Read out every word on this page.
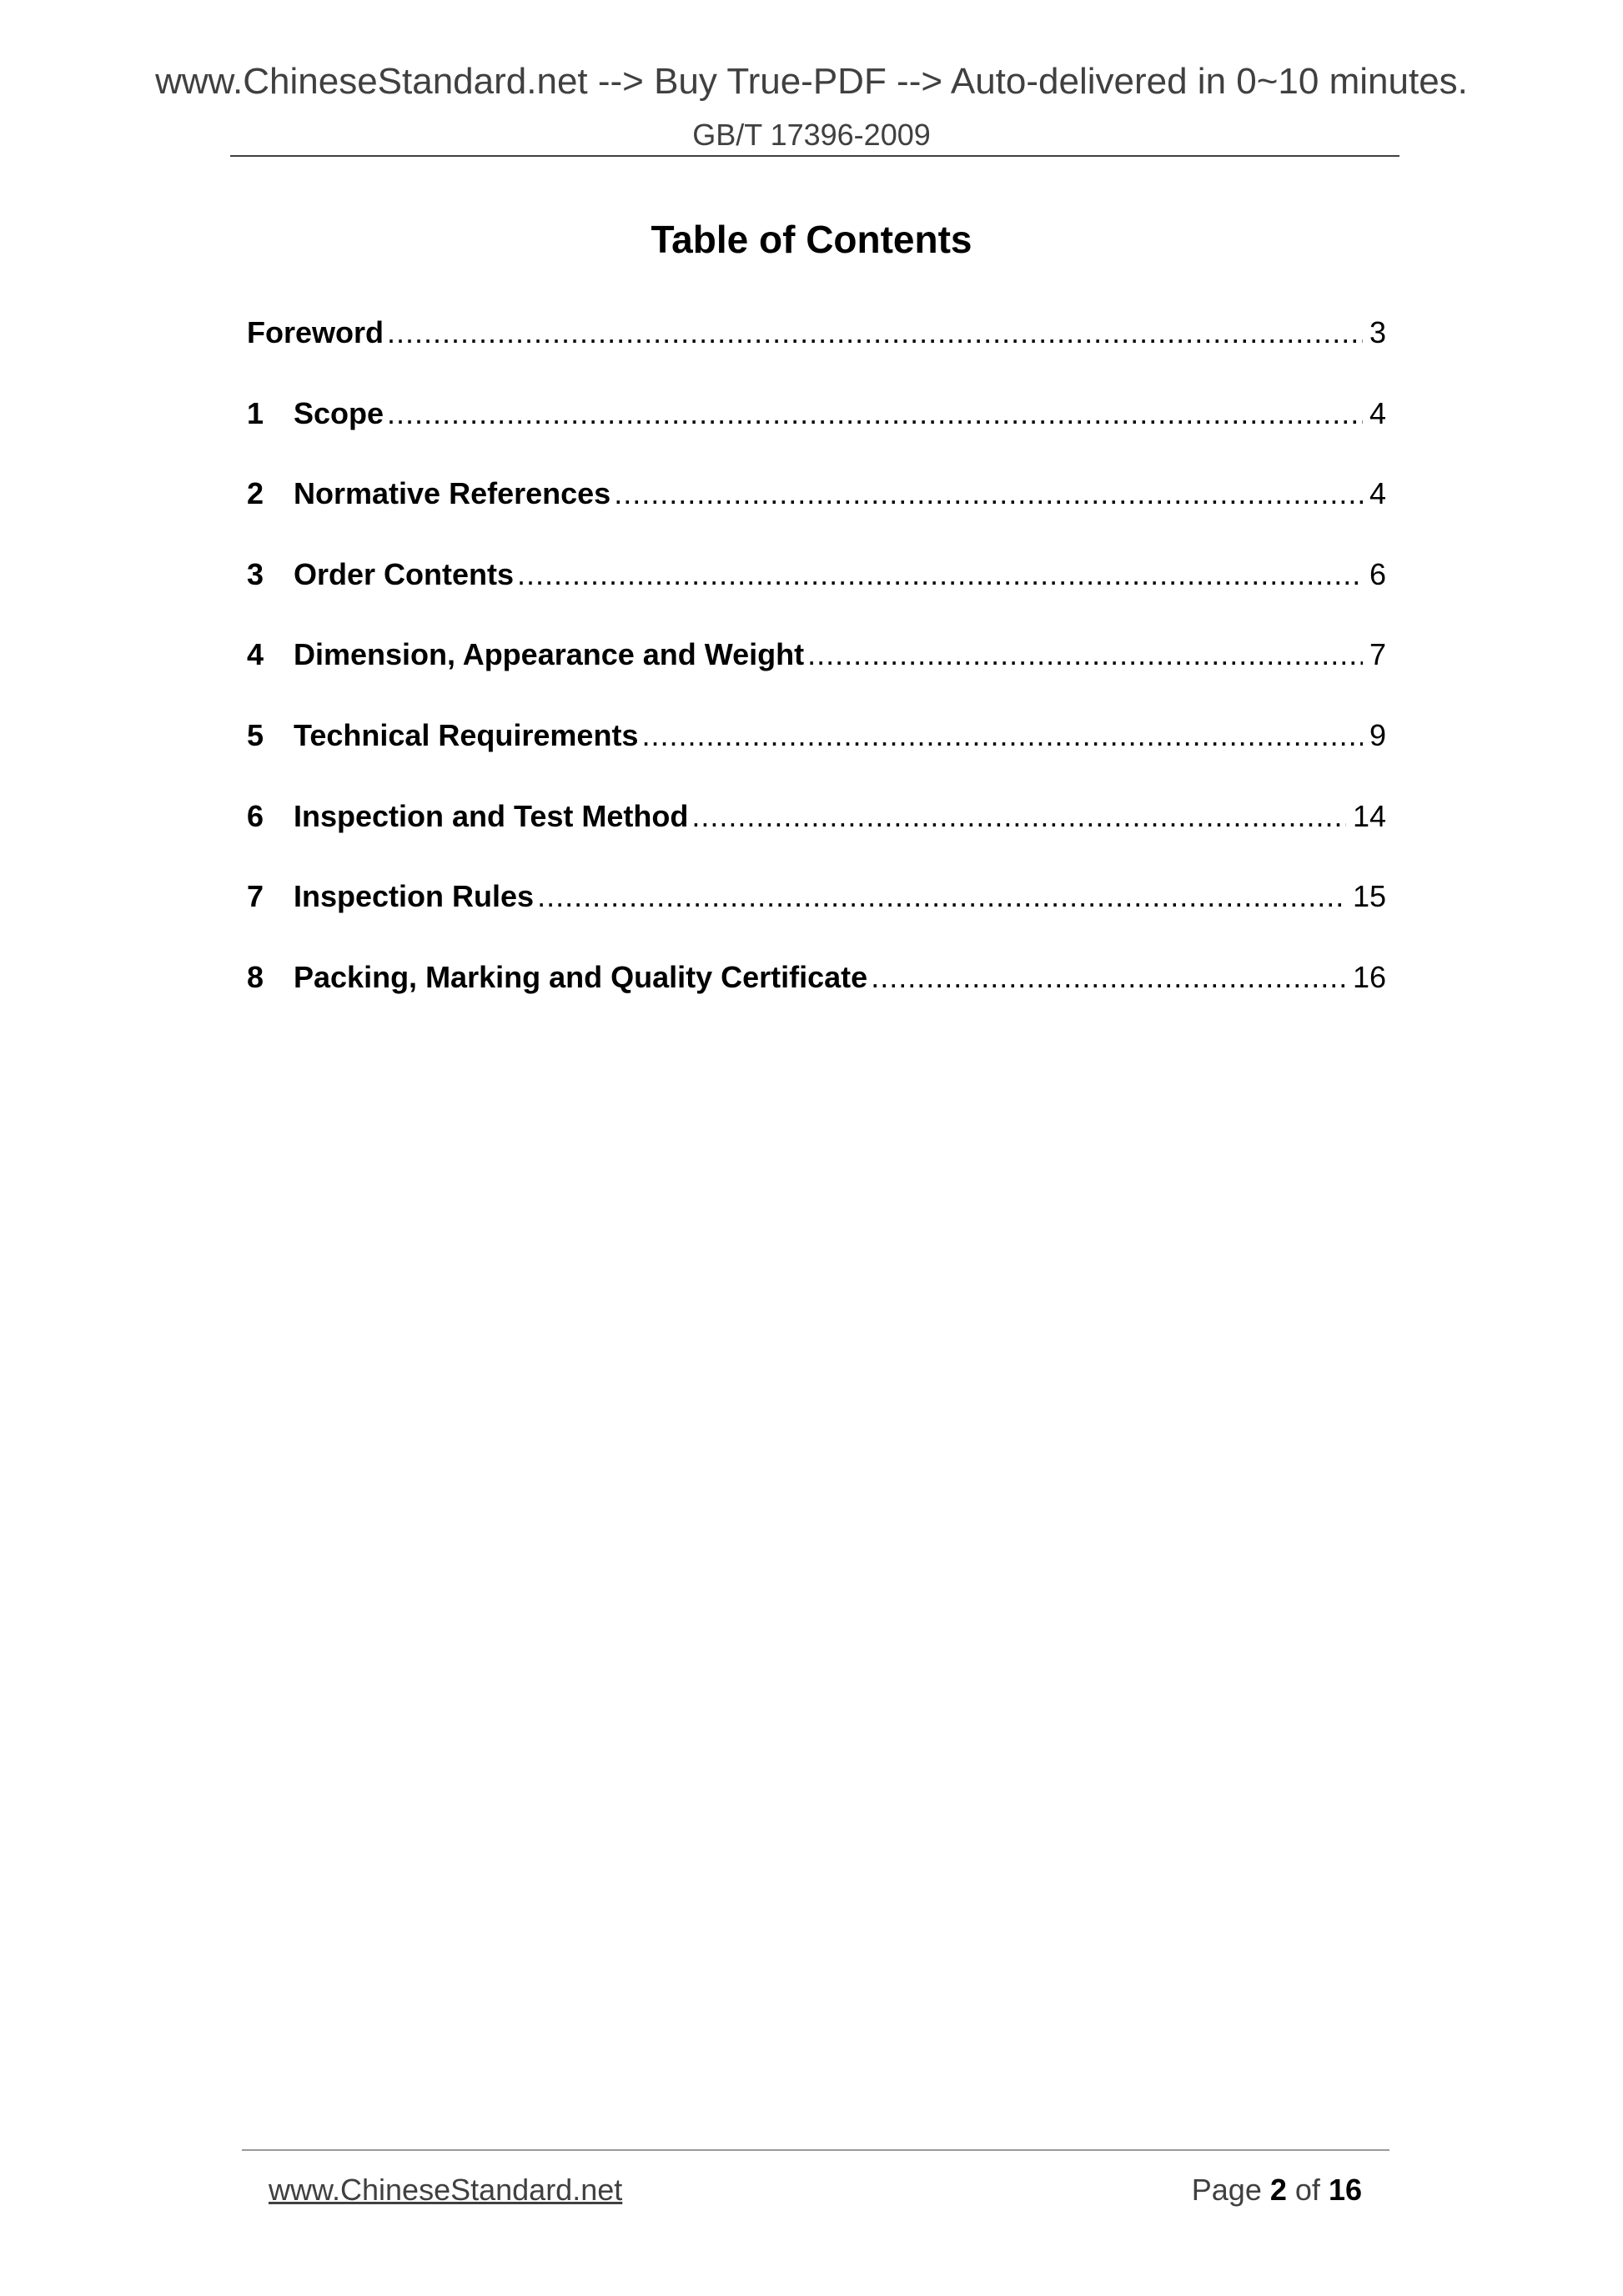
www.ChineseStandard.net --> Buy True-PDF --> Auto-delivered in 0~10 minutes.
GB/T 17396-2009
Table of Contents
Foreword .....	3
1 Scope .....	4
2 Normative References .....	4
3 Order Contents .....	6
4 Dimension, Appearance and Weight .....	7
5 Technical Requirements .....	9
6 Inspection and Test Method .....	14
7 Inspection Rules .....	15
8 Packing, Marking and Quality Certificate .....	16
www.ChineseStandard.net	Page 2 of 16
